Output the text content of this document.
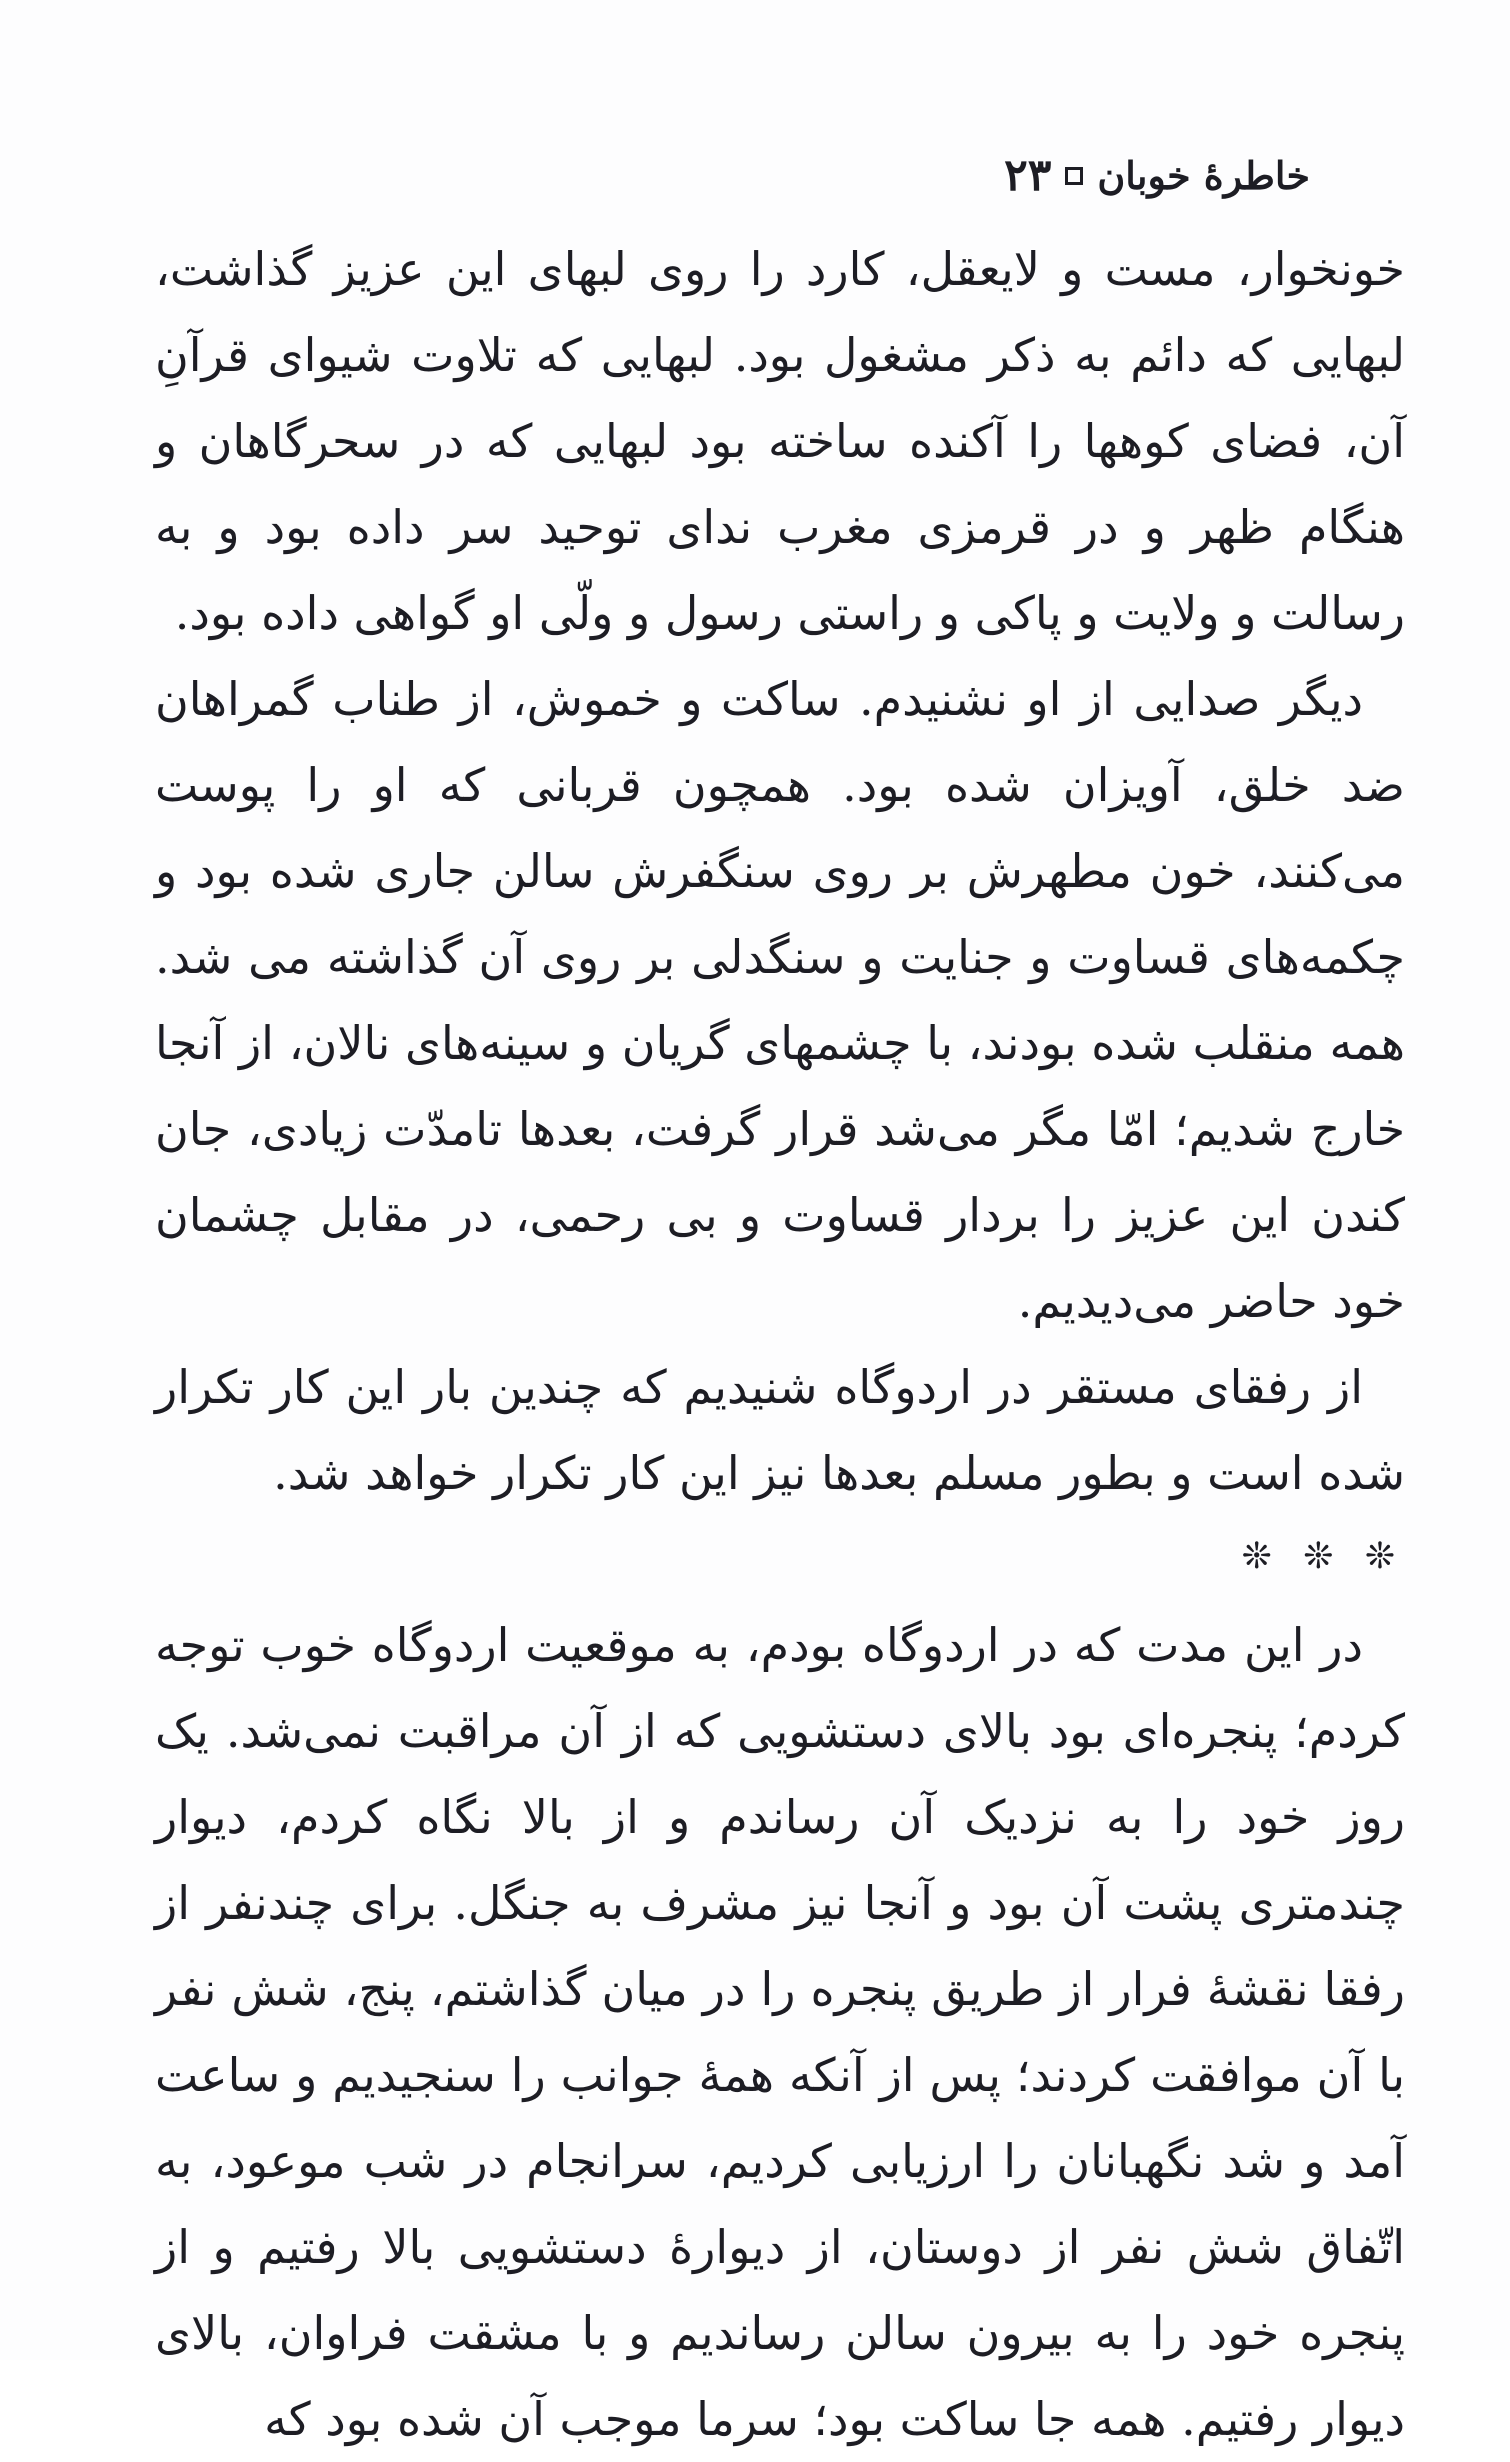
خاطرهٔ خوبان
۲۳

خونخوار، مست و لایعقل، کارد را روی لبهای این عزیز گذاشت، لبهایی که دائم به ذکر مشغول بود. لبهایی که تلاوت شیوای قرآنِ آن، فضای کوهها را آکنده ساخته بود لبهایی که در سحرگاهان و هنگام ظهر و در قرمزی مغرب ندای توحید سر داده بود و به رسالت و ولایت و پاکی و راستی رسول و ولّی او گواهی داده بود.

دیگر صدایی از او نشنیدم. ساکت و خموش، از طناب گمراهان ضد خلق، آویزان شده بود. همچون قربانی که او را پوست می‌کنند، خون مطهرش بر روی سنگفرش سالن جاری شده بود و چکمه‌های قساوت و جنایت و سنگدلی بر روی آن گذاشته می شد. همه منقلب شده بودند، با چشمهای گریان و سینه‌های نالان، از آنجا خارج شدیم؛ امّا مگر می‌شد قرار گرفت، بعدها تامدّت زیادی، جان کندن این عزیز را بردار قساوت و بی رحمی، در مقابل چشمان خود حاضر می‌دیدیم.

از رفقای مستقر در اردوگاه شنیدیم که چندین بار این کار تکرار شده است و بطور مسلم بعدها نیز این کار تکرار خواهد شد.

❊ ❊ ❊

در این مدت که در اردوگاه بودم، به موقعیت اردوگاه خوب توجه کردم؛ پنجره‌ای بود بالای دستشویی که از آن مراقبت نمی‌شد. یک روز خود را به نزدیک آن رساندم و از بالا نگاه کردم، دیوار چندمتری پشت آن بود و آنجا نیز مشرف به جنگل. برای چندنفر از رفقا نقشهٔ فرار از طریق پنجره را در میان گذاشتم، پنج، شش نفر با آن موافقت کردند؛ پس از آنکه همهٔ جوانب را سنجیدیم و ساعت آمد و شد نگهبانان را ارزیابی کردیم، سرانجام در شب موعود، به اتّفاق شش نفر از دوستان، از دیوارهٔ دستشویی بالا رفتیم و از پنجره خود را به بیرون سالن رساندیم و با مشقت فراوان، بالای دیوار رفتیم. همه جا ساکت بود؛ سرما موجب آن شده بود که
